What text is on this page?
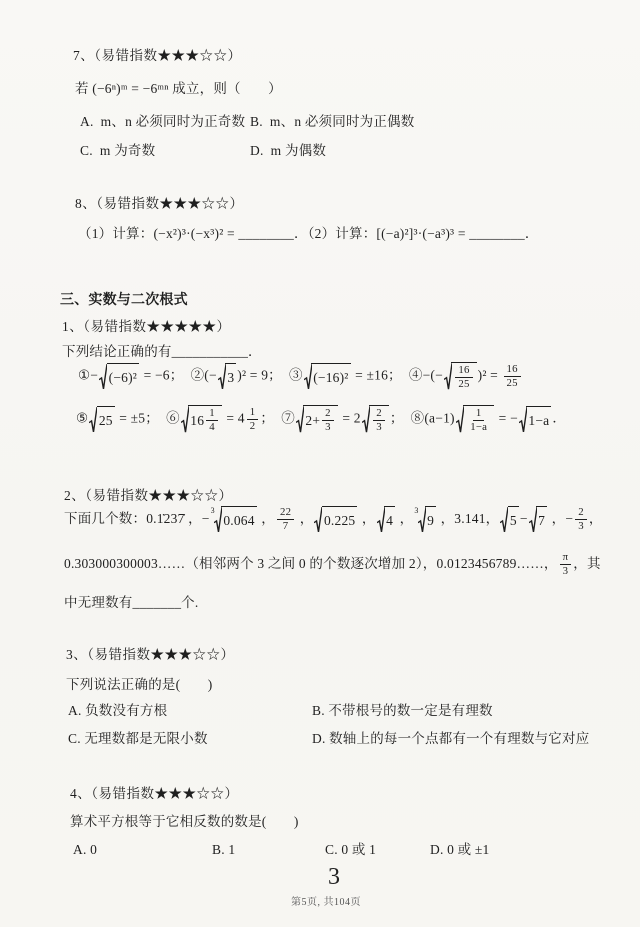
7、（易错指数★★★☆☆）
若 (−6ⁿ)ᵐ = −6ᵐⁿ 成立，则（　　）
A.  m、n 必须同时为正奇数 B.  m、n 必须同时为正偶数
C.  m 为奇数	D.  m 为偶数
8、（易错指数★★★☆☆）
（1）计算：(−x²)³·(−x³)² = ________．（2）计算：[(−a)²]³·(−a³)³ = ________．
三、实数与二次根式
1、（易错指数★★★★★）
下列结论正确的有___________．
①− (−6)² = −6；  ②(− 3 )² = 9；  ③ (−16)² = ±16；  ④−(− $\frac{16}{25} )^2 = \frac{16}{25}$
⑤ 25 = ±5；  ⑥ $16 \frac{1}{4} = 4 \frac{1}{2}$ ；  ⑦ $2+ \frac{2}{3} = 2 \frac{2}{3}$ ；  ⑧(a−1) $\frac{1}{1-a}$ = − 1−a ．
2、（易错指数★★★☆☆）
下面几个数：0.1̇237̇ ，−
3
0.064 ， $\frac{22}{7}$ ， 0.225 ， 4 ，
3
9 ，3.141， 5 − 7 ，− $\frac{2}{3}$ ，
0.303000300003……（相邻两个 3 之间 0 的个数逐次增加 2），0.0123456789……， $\frac{\pi}{3}$ ，其
中无理数有_______个.
3、（易错指数★★★☆☆）
下列说法正确的是(　　)
A. 负数没有方根	B. 不带根号的数一定是有理数
C. 无理数都是无限小数	D. 数轴上的每一个点都有一个有理数与它对应
4、（易错指数★★★☆☆）
算术平方根等于它相反数的数是(　　)
A. 0	B. 1	C. 0 或 1	D. 0 或 ±1
3
第5页, 共104页
